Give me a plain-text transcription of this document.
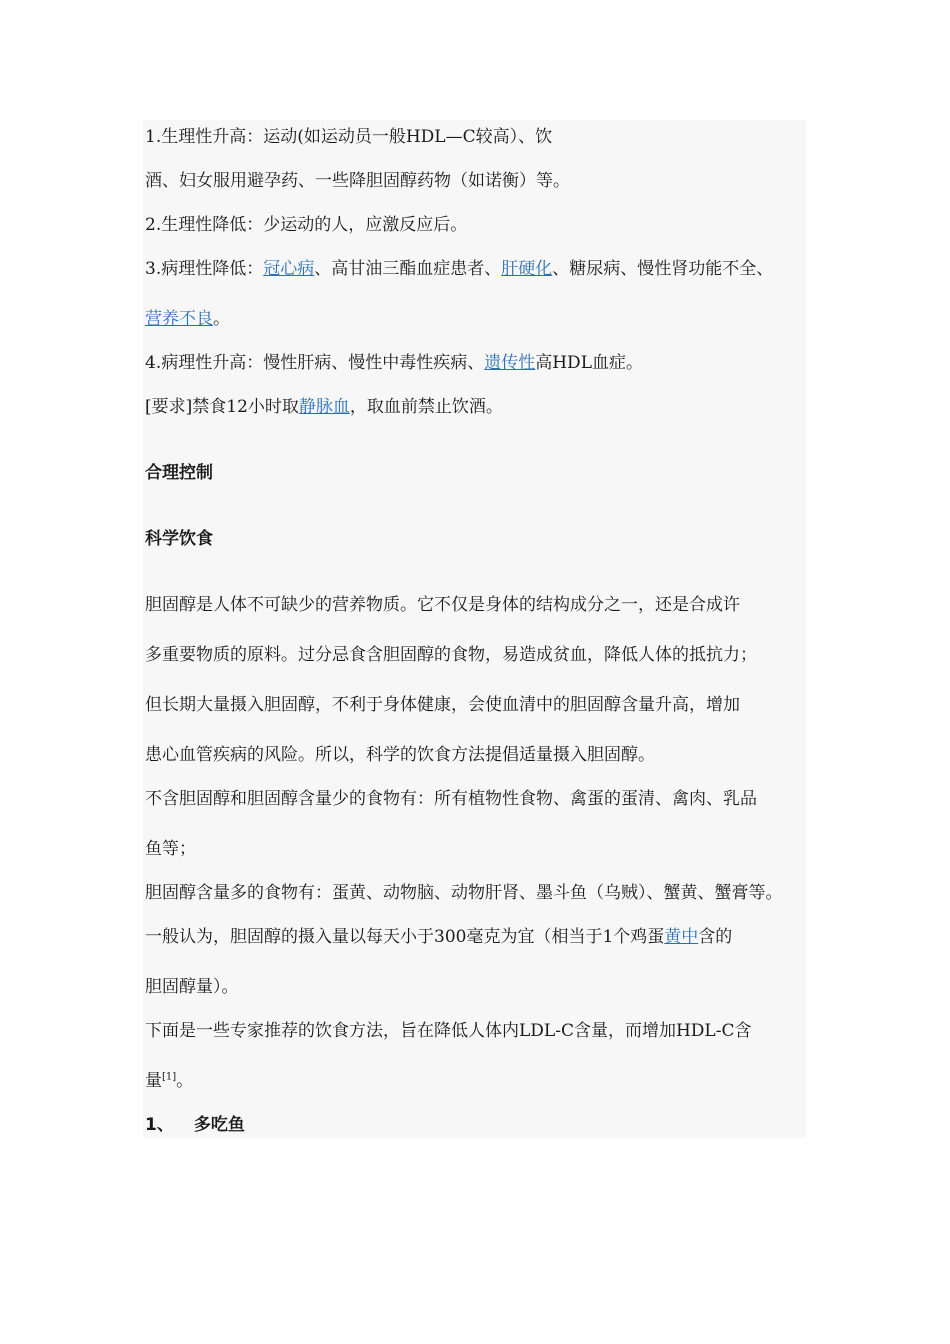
1.生理性升高：运动(如运动员一般HDL—C较高）、饮
酒、妇女服用避孕药、一些降胆固醇药物（如诺衡）等。
2.生理性降低：少运动的人，应激反应后。
3.病理性降低：冠心病、高甘油三酯血症患者、肝硬化、糖尿病、慢性肾功能不全、
营养不良。
4.病理性升高：慢性肝病、慢性中毒性疾病、遗传性高HDL血症。
[要求]禁食12小时取静脉血，取血前禁止饮酒。
合理控制
科学饮食
胆固醇是人体不可缺少的营养物质。它不仅是身体的结构成分之一，还是合成许
多重要物质的原料。过分忌食含胆固醇的食物，易造成贫血，降低人体的抵抗力；
但长期大量摄入胆固醇，不利于身体健康，会使血清中的胆固醇含量升高，增加
患心血管疾病的风险。所以，科学的饮食方法提倡适量摄入胆固醇。
不含胆固醇和胆固醇含量少的食物有：所有植物性食物、禽蛋的蛋清、禽肉、乳品
鱼等；
胆固醇含量多的食物有：蛋黄、动物脑、动物肝肾、墨斗鱼（乌贼）、蟹黄、蟹膏等。
一般认为，胆固醇的摄入量以每天小于300毫克为宜（相当于1个鸡蛋黄中含的
胆固醇量）。
下面是一些专家推荐的饮食方法，旨在降低人体内LDL-C含量，而增加HDL-C含
量[1]。
1、 多吃鱼
